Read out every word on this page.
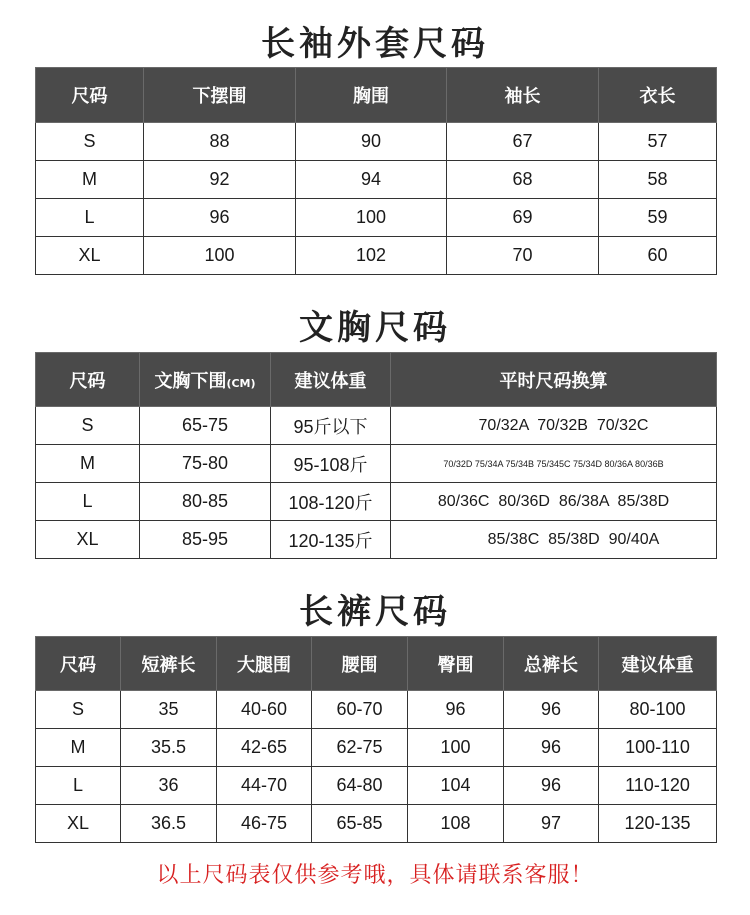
长袖外套尺码
尺码	下摆围	胸围	袖长	衣长
S	88	90	67	57
M	92	94	68	58
L	96	100	69	59
XL	100	102	70	60
文胸尺码
尺码	文胸下围(CM)	建议体重	平时尺码换算
S	65-75	95斤以下	70/32A  70/32B  70/32C
M	75-80	95-108斤	70/32D 75/34A 75/34B 75/345C 75/34D 80/36A 80/36B
L	80-85	108-120斤	80/36C  80/36D  86/38A  85/38D
XL	85-95	120-135斤	85/38C  85/38D  90/40A
长裤尺码
尺码	短裤长	大腿围	腰围	臀围	总裤长	建议体重
S	35	40-60	60-70	96	96	80-100
M	35.5	42-65	62-75	100	96	100-110
L	36	44-70	64-80	104	96	110-120
XL	36.5	46-75	65-85	108	97	120-135
以上尺码表仅供参考哦，具体请联系客服！
